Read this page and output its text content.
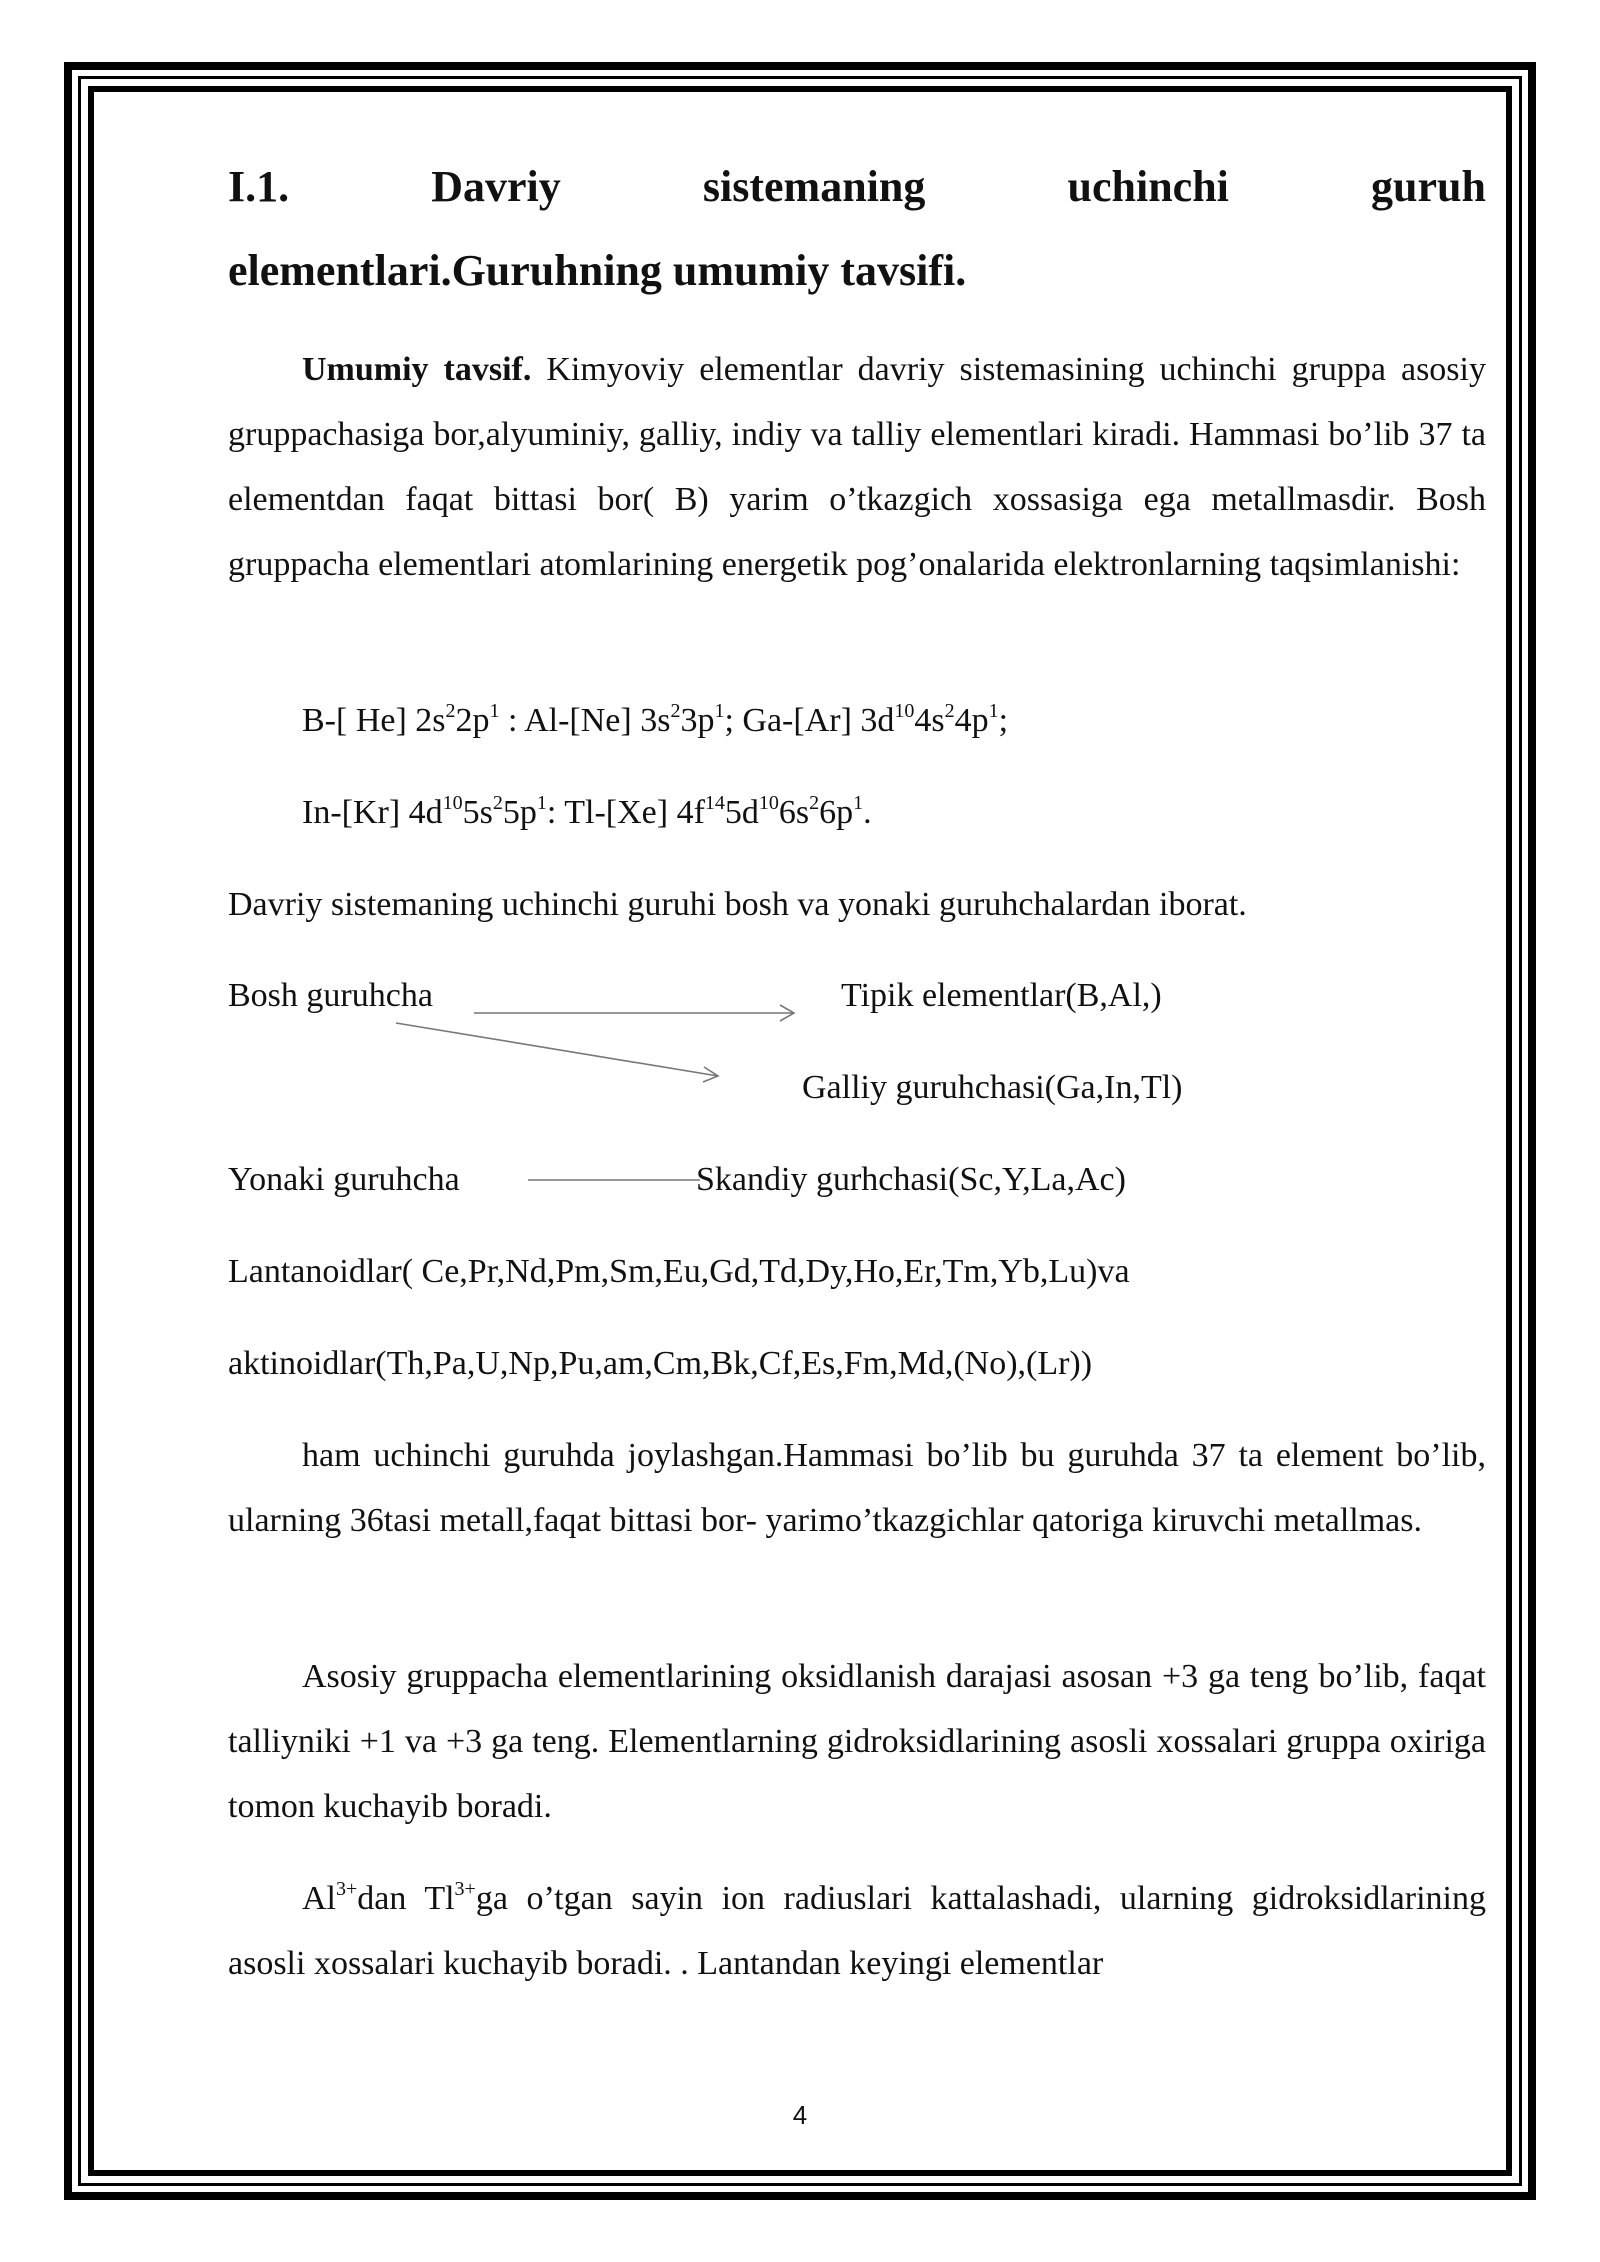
I.1.	Davriy	sistemaning	uchinchi	guruh
elementlari.Guruhning umumiy tavsifi.

Umumiy tavsif. Kimyoviy elementlar davriy sistemasining uchinchi gruppa asosiy gruppachasiga bor,alyuminiy, galliy, indiy va talliy elementlari kiradi. Hammasi bo’lib 37 ta elementdan faqat bittasi bor( B) yarim o’tkazgich xossasiga ega metallmasdir. Bosh gruppacha elementlari atomlarining energetik pog’onalarida elektronlarning taqsimlanishi:

B-[ He] $2s^22p^1$ : Al-[Ne] $3s^23p^1$; Ga-[Ar] $3d^{10}4s^24p^1$;
In-[Kr] $4d^{10}5s^25p^1$: Tl-[Xe] $4f^{14}5d^{10}6s^26p^1$.
Davriy sistemaning uchinchi guruhi bosh va yonaki guruhchalardan iborat.
Bosh guruhcha	Tipik elementlar(B,Al,)
Galliy guruhchasi(Ga,In,Tl)
Yonaki guruhcha	Skandiy gurhchasi(Sc,Y,La,Ac)
Lantanoidlar( Ce,Pr,Nd,Pm,Sm,Eu,Gd,Td,Dy,Ho,Er,Tm,Yb,Lu)va
aktinoidlar(Th,Pa,U,Np,Pu,am,Cm,Bk,Cf,Es,Fm,Md,(No),(Lr))

ham uchinchi guruhda joylashgan.Hammasi bo’lib bu guruhda 37 ta element bo’lib, ularning 36tasi metall,faqat bittasi bor- yarimo’tkazgichlar qatoriga kiruvchi metallmas.

Asosiy gruppacha elementlarining oksidlanish darajasi asosan +3 ga teng bo’lib, faqat talliyniki +1 va +3 ga teng. Elementlarning gidroksidlarining asosli xossalari gruppa oxiriga tomon kuchayib boradi.

$Al^{3+}dan$ $Tl^{3+}ga$ o’tgan sayin ion radiuslari kattalashadi, ularning gidroksidlarining asosli xossalari kuchayib boradi. . Lantandan keyingi elementlar

4
